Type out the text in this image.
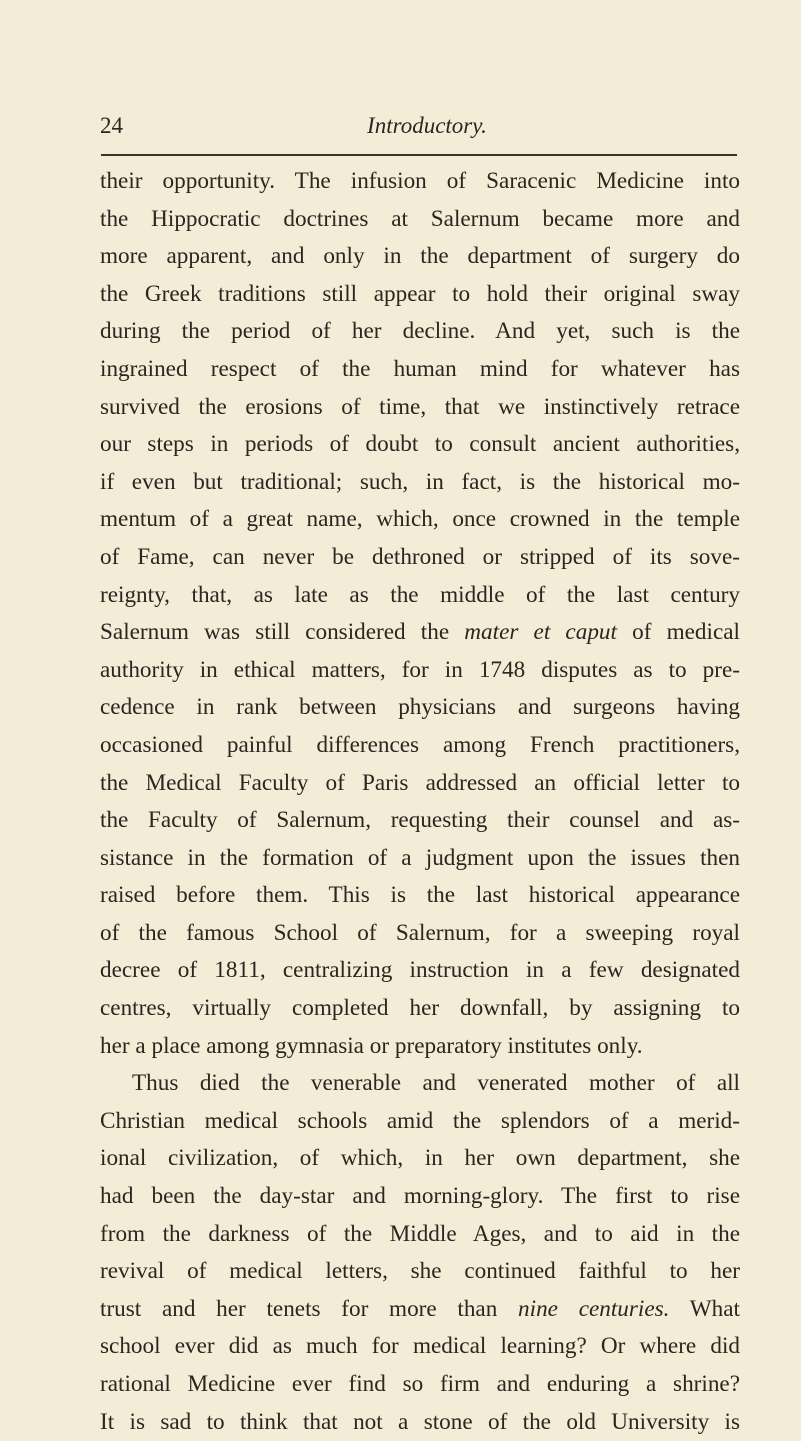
24	Introductory.
their opportunity. The infusion of Saracenic Medicine into
the Hippocratic doctrines at Salernum became more and
more apparent, and only in the department of surgery do
the Greek traditions still appear to hold their original sway
during the period of her decline. And yet, such is the
ingrained respect of the human mind for whatever has
survived the erosions of time, that we instinctively retrace
our steps in periods of doubt to consult ancient authorities,
if even but traditional; such, in fact, is the historical mo-
mentum of a great name, which, once crowned in the temple
of Fame, can never be dethroned or stripped of its sove-
reignty, that, as late as the middle of the last century
Salernum was still considered the mater et caput of medical
authority in ethical matters, for in 1748 disputes as to pre-
cedence in rank between physicians and surgeons having
occasioned painful differences among French practitioners,
the Medical Faculty of Paris addressed an official letter to
the Faculty of Salernum, requesting their counsel and as-
sistance in the formation of a judgment upon the issues then
raised before them. This is the last historical appearance
of the famous School of Salernum, for a sweeping royal
decree of 1811, centralizing instruction in a few designated
centres, virtually completed her downfall, by assigning to
her a place among gymnasia or preparatory institutes only.
Thus died the venerable and venerated mother of all
Christian medical schools amid the splendors of a merid-
ional civilization, of which, in her own department, she
had been the day-star and morning-glory. The first to rise
from the darkness of the Middle Ages, and to aid in the
revival of medical letters, she continued faithful to her
trust and her tenets for more than nine centuries. What
school ever did as much for medical learning? Or where did
rational Medicine ever find so firm and enduring a shrine?
It is sad to think that not a stone of the old University is
